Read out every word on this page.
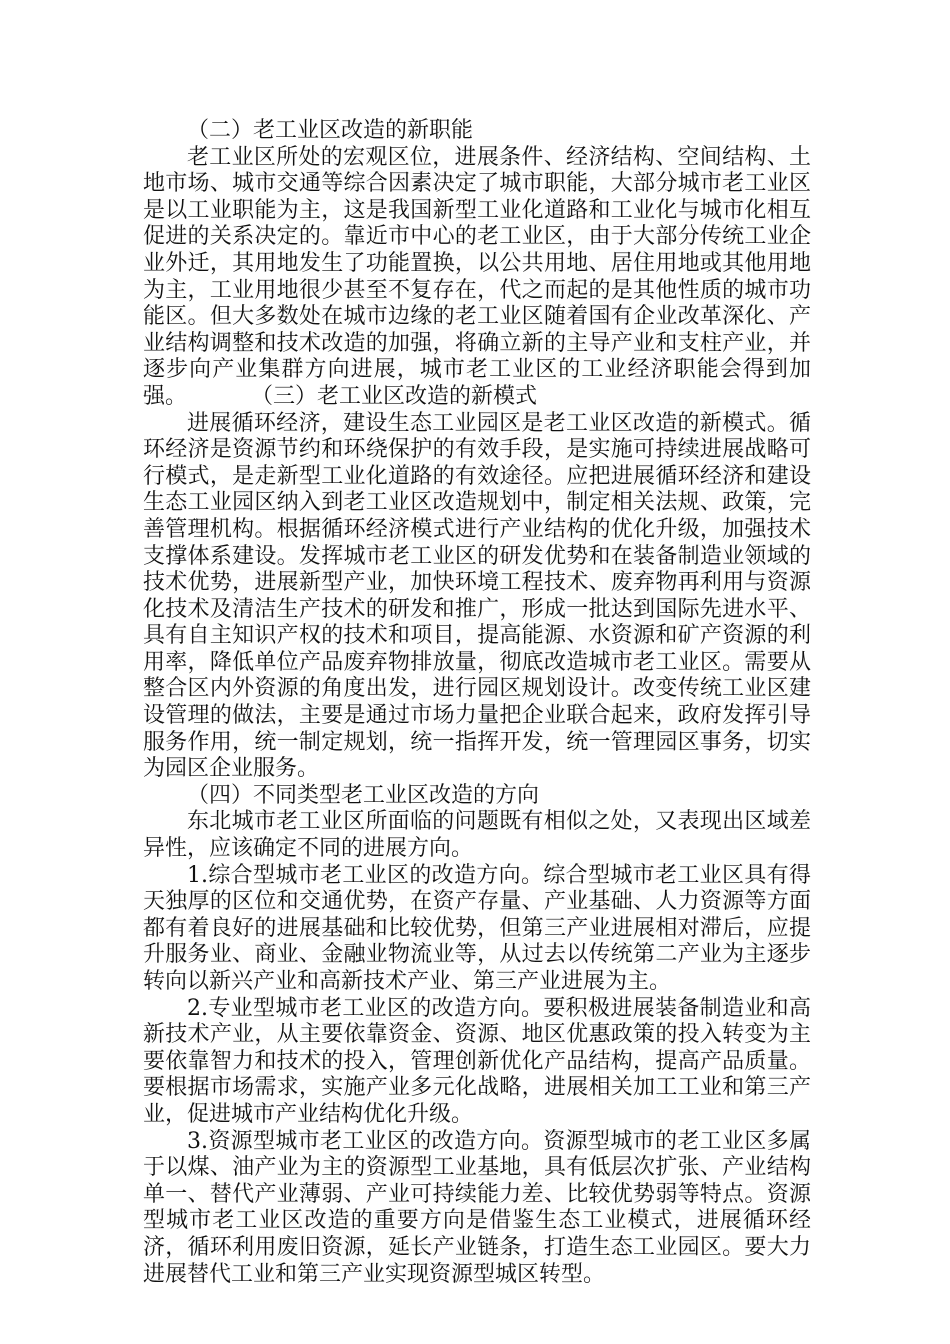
（二）老工业区改造的新职能

老工业区所处的宏观区位，进展条件、经济结构、空间结构、土地市场、城市交通等综合因素决定了城市职能，大部分城市老工业区是以工业职能为主，这是我国新型工业化道路和工业化与城市化相互促进的关系决定的。靠近市中心的老工业区，由于大部分传统工业企业外迁，其用地发生了功能置换，以公共用地、居住用地或其他用地为主，工业用地很少甚至不复存在，代之而起的是其他性质的城市功能区。但大多数处在城市边缘的老工业区随着国有企业改革深化、产业结构调整和技术改造的加强，将确立新的主导产业和支柱产业，并逐步向产业集群方向进展，城市老工业区的工业经济职能会得到加强。	（三）老工业区改造的新模式

进展循环经济，建设生态工业园区是老工业区改造的新模式。循环经济是资源节约和环绕保护的有效手段，是实施可持续进展战略可行模式，是走新型工业化道路的有效途径。应把进展循环经济和建设生态工业园区纳入到老工业区改造规划中，制定相关法规、政策，完善管理机构。根据循环经济模式进行产业结构的优化升级，加强技术支撑体系建设。发挥城市老工业区的研发优势和在装备制造业领域的技术优势，进展新型产业，加快环境工程技术、废弃物再利用与资源化技术及清洁生产技术的研发和推广，形成一批达到国际先进水平、具有自主知识产权的技术和项目，提高能源、水资源和矿产资源的利用率，降低单位产品废弃物排放量，彻底改造城市老工业区。需要从整合区内外资源的角度出发，进行园区规划设计。改变传统工业区建设管理的做法，主要是通过市场力量把企业联合起来，政府发挥引导服务作用，统一制定规划，统一指挥开发，统一管理园区事务，切实为园区企业服务。

（四）不同类型老工业区改造的方向

东北城市老工业区所面临的问题既有相似之处，又表现出区域差异性，应该确定不同的进展方向。

1.综合型城市老工业区的改造方向。综合型城市老工业区具有得天独厚的区位和交通优势，在资产存量、产业基础、人力资源等方面都有着良好的进展基础和比较优势，但第三产业进展相对滞后，应提升服务业、商业、金融业物流业等，从过去以传统第二产业为主逐步转向以新兴产业和高新技术产业、第三产业进展为主。

2.专业型城市老工业区的改造方向。要积极进展装备制造业和高新技术产业，从主要依靠资金、资源、地区优惠政策的投入转变为主要依靠智力和技术的投入，管理创新优化产品结构，提高产品质量。要根据市场需求，实施产业多元化战略，进展相关加工工业和第三产业，促进城市产业结构优化升级。

3.资源型城市老工业区的改造方向。资源型城市的老工业区多属于以煤、油产业为主的资源型工业基地，具有低层次扩张、产业结构单一、替代产业薄弱、产业可持续能力差、比较优势弱等特点。资源型城市老工业区改造的重要方向是借鉴生态工业模式，进展循环经济，循环利用废旧资源，延长产业链条，打造生态工业园区。要大力进展替代工业和第三产业实现资源型城区转型。
